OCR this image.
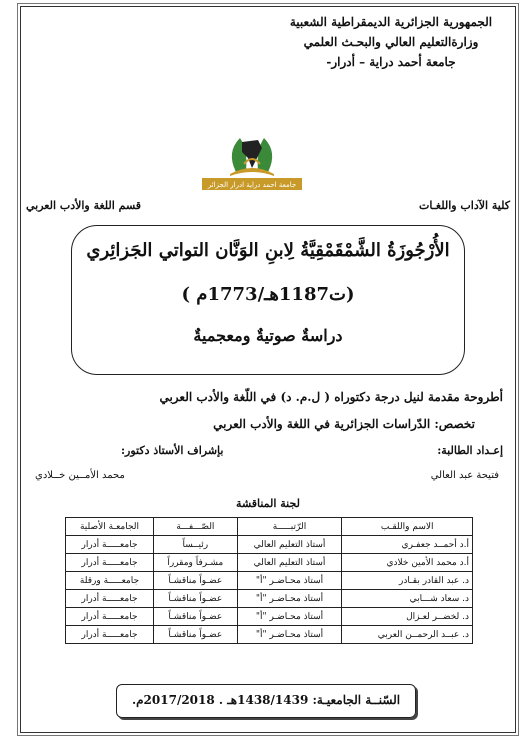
الجمهورية الجزائرية الديمقراطية الشعبية
وزارةالتعليم العالي والبحـث العلمي
جامعة أحمد دراية – أدرار-
جامعة احمد دراية ادرار الجزائر
كلية الآداب واللغـات
قسم اللغة والأدب العربي
الأُرْجُوزَةُ الشَّمْقَمْقِيَّةُ لِابنِ الوَنَّان التواتي الجَزائِري
(ت1187هـ/1773م )
دراسةٌ صوتيةٌ ومعجميةٌ
أطروحة مقدمة لنيل درجة دكتوراه ( ل.م. د) في اللّغة والأدب العربي
تخصص: الدّراسات الجزائرية في اللغة والأدب العربي
إعـداد الطالبة:
بإشراف الأستاذ دكتور:
فتيحة عبد العالي
محمد الأمــين خــلادي
لجنة المناقشة
الاسم واللقـب	الرّتبـــــة	الصّـــفـــة	الجامعـة الأصلية
أ.د أحمــد جعفـري	أستاذ التعليم العالي	رئيــساً	جامعـــــة أدرار
أ.د محمد الأمين خلادي	أستاذ التعليم العالي	مشـرفاً ومقرراً	جامعـــــة أدرار
د. عبد القادر بقـادر	أستاذ محـاضـر "أ"	عضـواً مناقشـاً	جامعـــــة ورقلة
د. سعاد شـــابي	أستاذ محـاضـر "أ"	عضـواً مناقشـاً	جامعـــــة أدرار
د. لخضــر لعـزال	أستاذ محـاضـر "أ"	عضـواً مناقشـاً	جامعـــــة أدرار
د. عبــد الرحمــن العربي	أستاذ محـاضـر "أ"	عضـواً مناقشـاً	جامعـــــة أدرار
السّنــة الجامعيـة: 1438/1439هـ . 2017/2018م.
